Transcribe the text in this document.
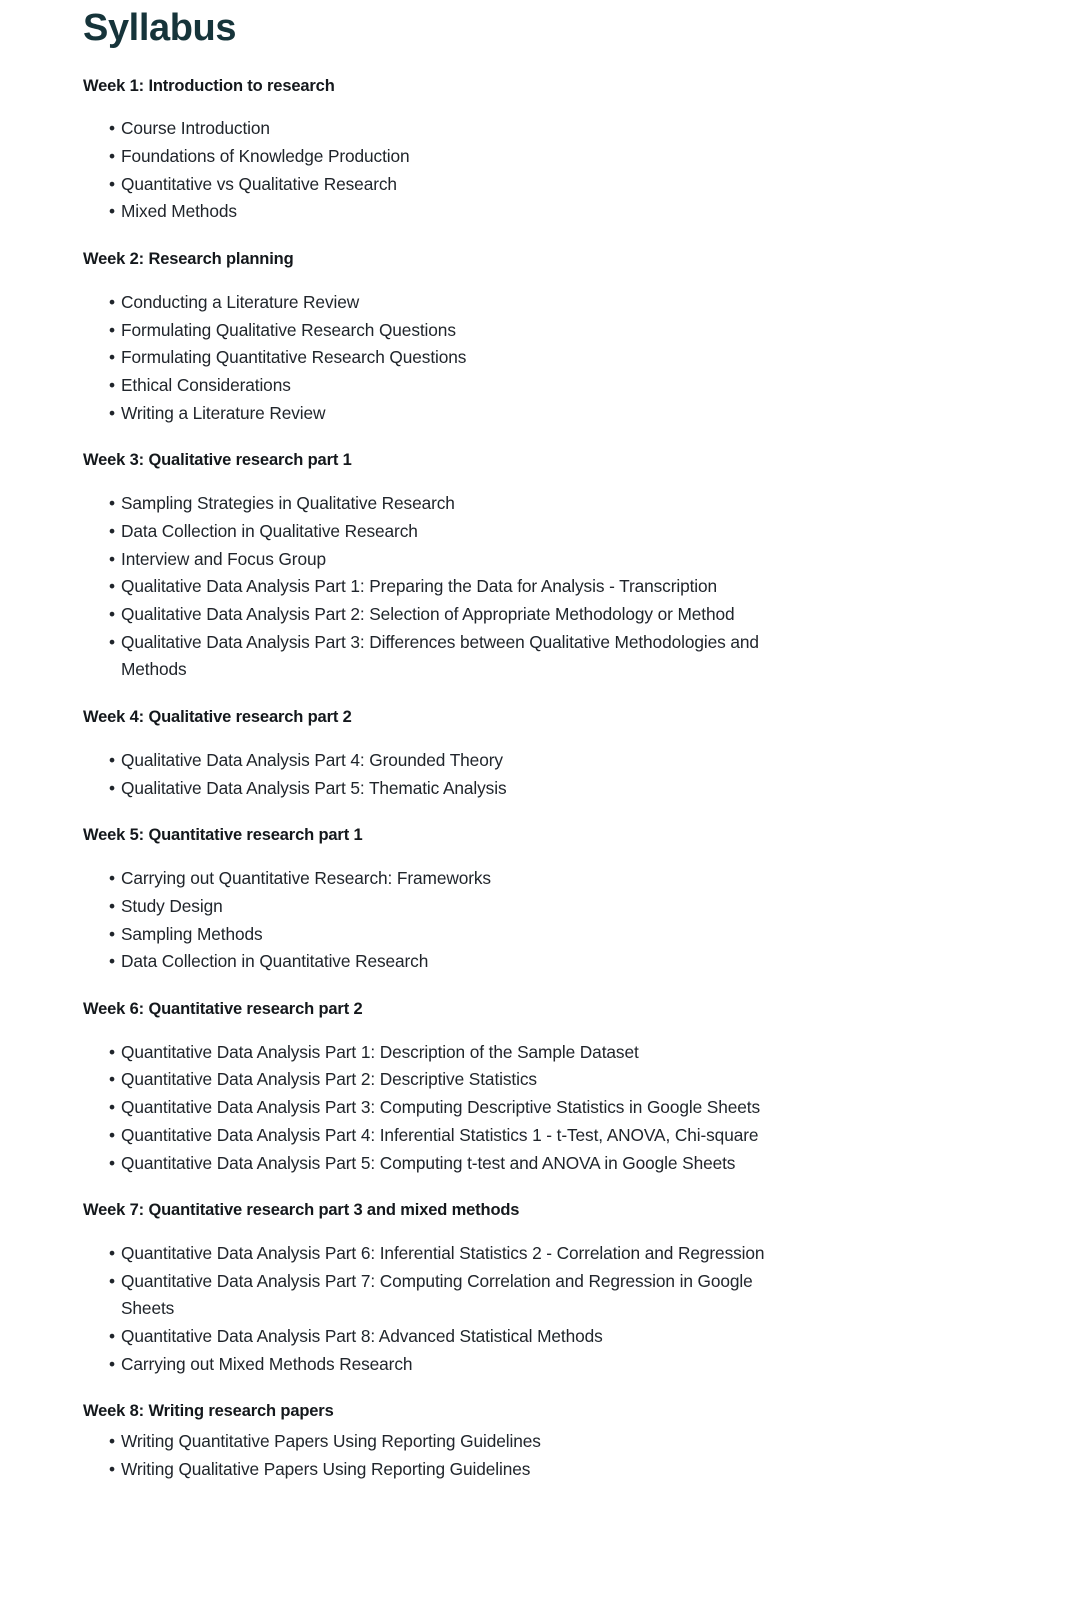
Syllabus
Week 1: Introduction to research
• Course Introduction
• Foundations of Knowledge Production
• Quantitative vs Qualitative Research
• Mixed Methods
Week 2: Research planning
• Conducting a Literature Review
• Formulating Qualitative Research Questions
• Formulating Quantitative Research Questions
• Ethical Considerations
• Writing a Literature Review
Week 3: Qualitative research part 1
• Sampling Strategies in Qualitative Research
• Data Collection in Qualitative Research
• Interview and Focus Group
• Qualitative Data Analysis Part 1: Preparing the Data for Analysis - Transcription
• Qualitative Data Analysis Part 2: Selection of Appropriate Methodology or Method
• Qualitative Data Analysis Part 3: Differences between Qualitative Methodologies and Methods
Week 4: Qualitative research part 2
• Qualitative Data Analysis Part 4: Grounded Theory
• Qualitative Data Analysis Part 5: Thematic Analysis
Week 5: Quantitative research part 1
• Carrying out Quantitative Research: Frameworks
• Study Design
• Sampling Methods
• Data Collection in Quantitative Research
Week 6: Quantitative research part 2
• Quantitative Data Analysis Part 1: Description of the Sample Dataset
• Quantitative Data Analysis Part 2: Descriptive Statistics
• Quantitative Data Analysis Part 3: Computing Descriptive Statistics in Google Sheets
• Quantitative Data Analysis Part 4: Inferential Statistics 1 - t-Test, ANOVA, Chi-square
• Quantitative Data Analysis Part 5: Computing t-test and ANOVA in Google Sheets
Week 7: Quantitative research part 3 and mixed methods
• Quantitative Data Analysis Part 6: Inferential Statistics 2 - Correlation and Regression
• Quantitative Data Analysis Part 7: Computing Correlation and Regression in Google Sheets
• Quantitative Data Analysis Part 8: Advanced Statistical Methods
• Carrying out Mixed Methods Research
Week 8: Writing research papers
• Writing Quantitative Papers Using Reporting Guidelines
• Writing Qualitative Papers Using Reporting Guidelines
